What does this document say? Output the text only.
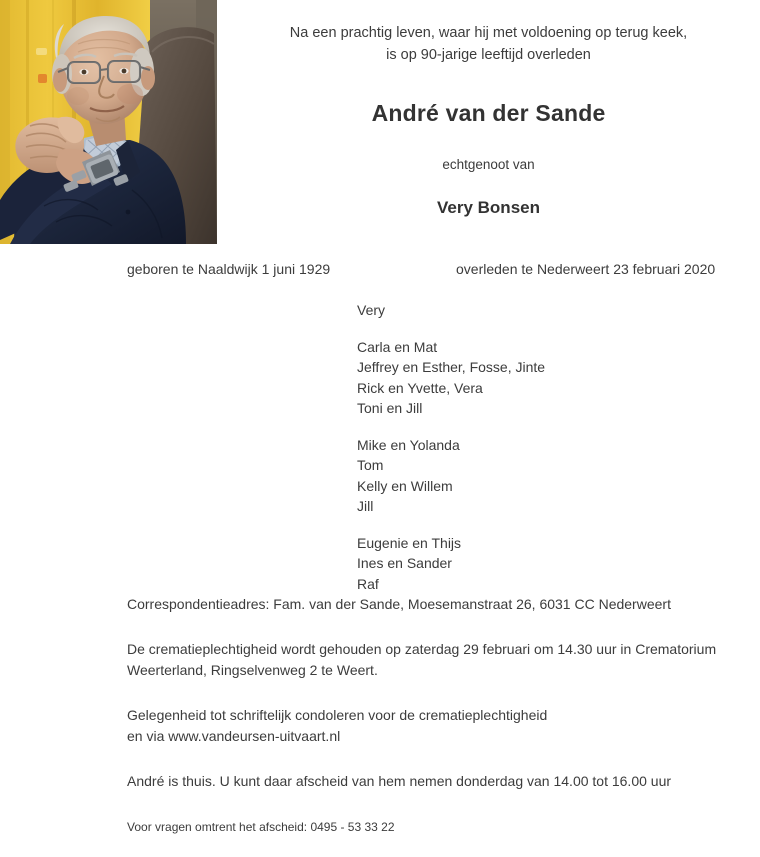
Na een prachtig leven, waar hij met voldoening op terug keek,
is op 90-jarige leeftijd overleden
André van der Sande
echtgenoot van
Very Bonsen
geboren te Naaldwijk 1 juni 1929	overleden te Nederweert 23 februari 2020
Very
Carla en Mat
Jeffrey en Esther, Fosse, Jinte
Rick en Yvette, Vera
Toni en Jill
Mike en Yolanda
Tom
Kelly en Willem
Jill
Eugenie en Thijs
Ines en Sander
Raf

Correspondentieadres: Fam. van der Sande, Moesemanstraat 26, 6031 CC Nederweert

De crematieplechtigheid wordt gehouden op zaterdag 29 februari om 14.30 uur in Crematorium
Weerterland, Ringselvenweg 2 te Weert.

Gelegenheid tot schriftelijk condoleren voor de crematieplechtigheid
en via www.vandeursen-uitvaart.nl

André is thuis. U kunt daar afscheid van hem nemen donderdag van 14.00 tot 16.00 uur

Voor vragen omtrent het afscheid: 0495 - 53 33 22
